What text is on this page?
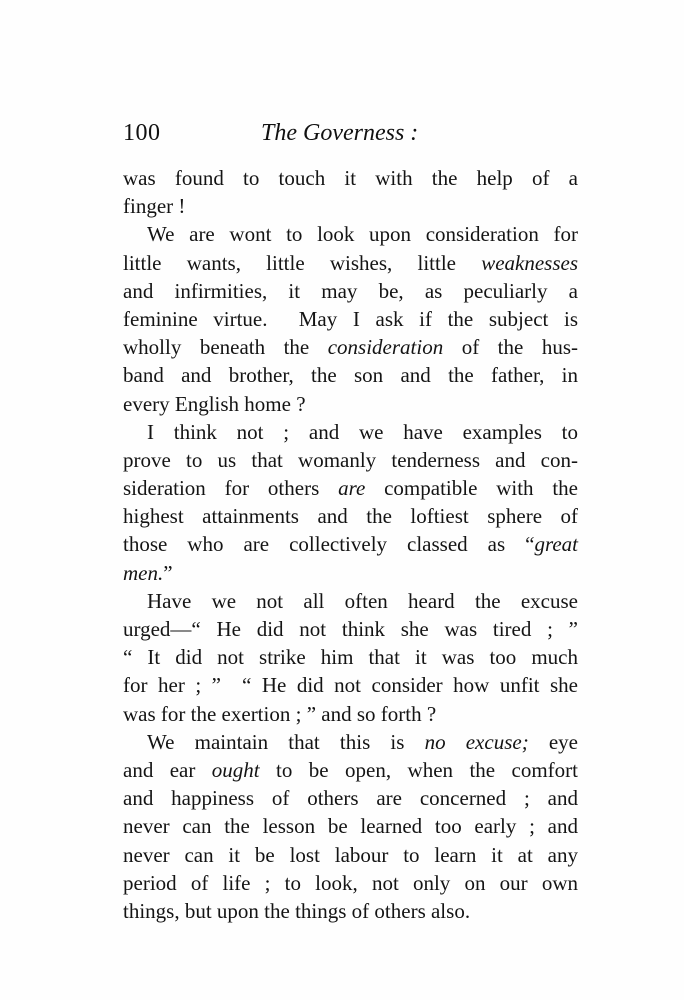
100	The Governess :
was found to touch it with the help of a
finger !
We are wont to look upon consideration for
little wants, little wishes, little weaknesses
and infirmities, it may be, as peculiarly a
feminine virtue.  May I ask if the subject is
wholly beneath the consideration of the hus-
band and brother, the son and the father, in
every English home ?
I think not ; and we have examples to
prove to us that womanly tenderness and con-
sideration for others are compatible with the
highest attainments and the loftiest sphere of
those who are collectively classed as “great
men.”
Have we not all often heard the excuse
urged—“ He did not think she was tired ; ”
“ It did not strike him that it was too much
for her ; ”  “ He did not consider how unfit she
was for the exertion ; ” and so forth ?
We maintain that this is no excuse; eye
and ear ought to be open, when the comfort
and happiness of others are concerned ; and
never can the lesson be learned too early ; and
never can it be lost labour to learn it at any
period of life ; to look, not only on our own
things, but upon the things of others also.
